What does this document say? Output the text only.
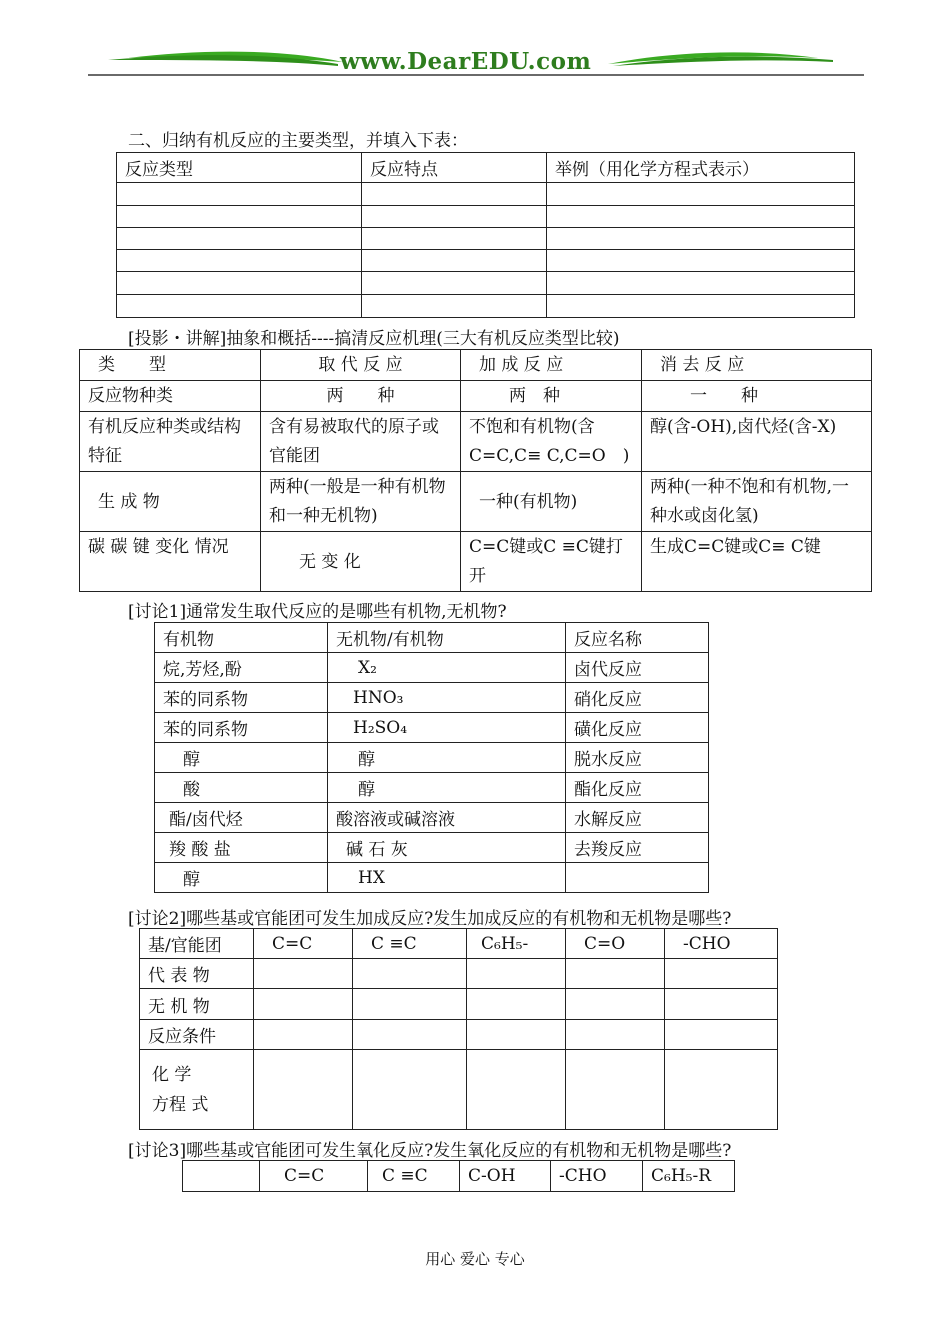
www.DearEDU.com
二、归纳有机反应的主要类型，并填入下表：
反应类型	反应特点	举例（用化学方程式表示）

[投影・讲解]抽象和概括----搞清反应机理(三大有机反应类型比较)
类　　型	取 代 反 应	加 成 反 应	消 去 反 应
反应物种类	两　　种	两　种	一　　种
有机反应种类或结构特征	含有易被取代的原子或官能团	不饱和有机物(含C=C,C≡ C,C=O　)	醇(含-OH),卤代烃(含-X)
生 成 物	两种(一般是一种有机物和一种无机物)	一种(有机物)	两种(一种不饱和有机物,一种水或卤化氢)
碳 碳 键 变化 情况	无 变 化	C=C键或C ≡C键打开	生成C=C键或C≡ C键
[讨论1]通常发生取代反应的是哪些有机物,无机物?
有机物	无机物/有机物	反应名称
烷,芳烃,酚	X₂	卤代反应
苯的同系物	HNO₃	硝化反应
苯的同系物	H₂SO₄	磺化反应
醇	醇	脱水反应
酸	醇	酯化反应
酯/卤代烃	酸溶液或碱溶液	水解反应
羧 酸 盐	碱 石 灰	去羧反应
醇	HX	
[讨论2]哪些基或官能团可发生加成反应?发生加成反应的有机物和无机物是哪些?
基/官能团	C=C	C ≡C	C₆H₅-	C=O	-CHO
代 表 物					
无 机 物					
反应条件					
化 学
方程 式					
[讨论3]哪些基或官能团可发生氧化反应?发生氧化反应的有机物和无机物是哪些?
	C=C	C ≡C	C-OH	-CHO	C₆H₅-R
用心 爱心 专心
